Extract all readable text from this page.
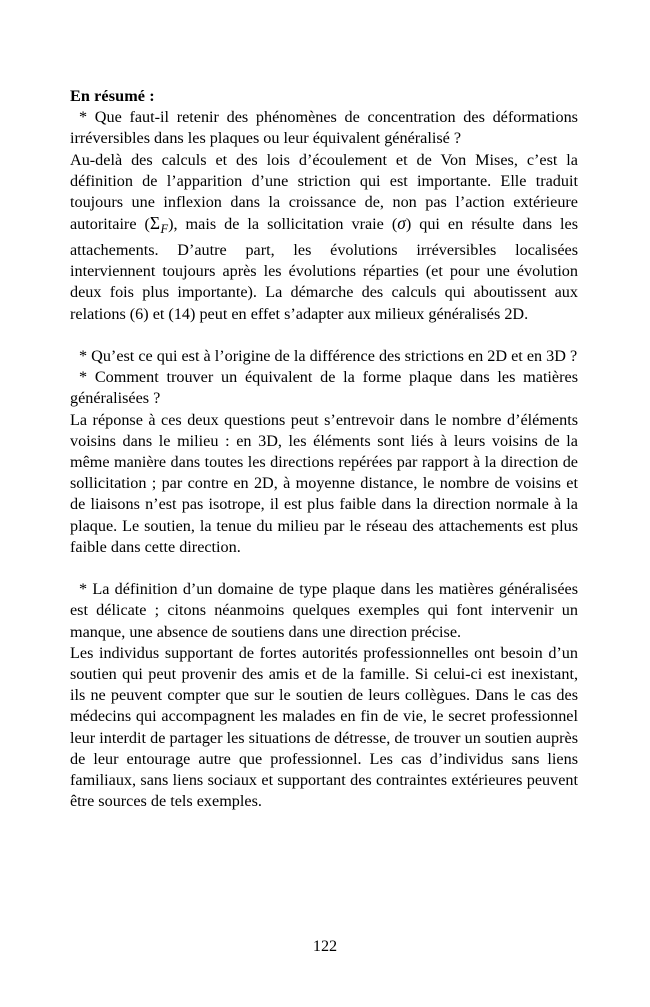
En résumé :

* Que faut-il retenir des phénomènes de concentration des déformations irréversibles dans les plaques ou leur équivalent généralisé ?

Au-delà des calculs et des lois d’écoulement et de Von Mises, c’est la définition de l’apparition d’une striction qui est importante. Elle traduit toujours une inflexion dans la croissance de, non pas l’action extérieure autoritaire (ΣF), mais de la sollicitation vraie (σ) qui en résulte dans les attachements. D’autre part, les évolutions irréversibles localisées interviennent toujours après les évolutions réparties (et pour une évolution deux fois plus importante). La démarche des calculs qui aboutissent aux relations (6) et (14) peut en effet s’adapter aux milieux généralisés 2D.

* Qu’est ce qui est à l’origine de la différence des strictions en 2D et en 3D ?

* Comment trouver un équivalent de la forme plaque dans les matières généralisées ?

La réponse à ces deux questions peut s’entrevoir dans le nombre d’éléments voisins dans le milieu : en 3D, les éléments sont liés à leurs voisins de la même manière dans toutes les directions repérées par rapport à la direction de sollicitation ; par contre en 2D, à moyenne distance, le nombre de voisins et de liaisons n’est pas isotrope, il est plus faible dans la direction normale à la plaque. Le soutien, la tenue du milieu par le réseau des attachements est plus faible dans cette direction.

* La définition d’un domaine de type plaque dans les matières généralisées est délicate ; citons néanmoins quelques exemples qui font intervenir un manque, une absence de soutiens dans une direction précise.

Les individus supportant de fortes autorités professionnelles ont besoin d’un soutien qui peut provenir des amis et de la famille. Si celui-ci est inexistant, ils ne peuvent compter que sur le soutien de leurs collègues. Dans le cas des médecins qui accompagnent les malades en fin de vie, le secret professionnel leur interdit de partager les situations de détresse, de trouver un soutien auprès de leur entourage autre que professionnel. Les cas d’individus sans liens familiaux, sans liens sociaux et supportant des contraintes extérieures peuvent être sources de tels exemples.

122
